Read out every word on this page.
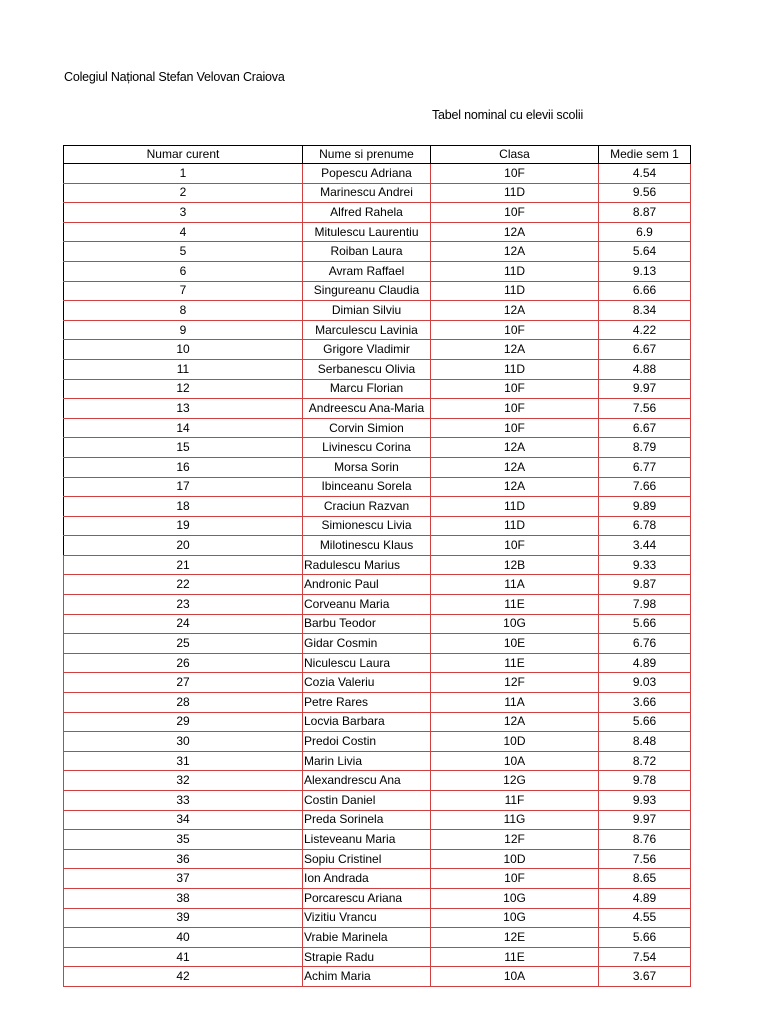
Colegiul Național Stefan Velovan Craiova
Tabel nominal cu elevii scolii
Numar curent	Nume si prenume	Clasa	Medie sem 1
1	Popescu Adriana	10F	4.54
2	Marinescu Andrei	11D	9.56
3	Alfred Rahela	10F	8.87
4	Mitulescu Laurentiu	12A	6.9
5	Roiban Laura	12A	5.64
6	Avram Raffael	11D	9.13
7	Singureanu Claudia	11D	6.66
8	Dimian Silviu	12A	8.34
9	Marculescu Lavinia	10F	4.22
10	Grigore Vladimir	12A	6.67
11	Serbanescu Olivia	11D	4.88
12	Marcu Florian	10F	9.97
13	Andreescu Ana-Maria	10F	7.56
14	Corvin Simion	10F	6.67
15	Livinescu Corina	12A	8.79
16	Morsa Sorin	12A	6.77
17	Ibinceanu Sorela	12A	7.66
18	Craciun Razvan	11D	9.89
19	Simionescu Livia	11D	6.78
20	Milotinescu Klaus	10F	3.44
21	Radulescu Marius	12B	9.33
22	Andronic Paul	11A	9.87
23	Corveanu Maria	11E	7.98
24	Barbu Teodor	10G	5.66
25	Gidar Cosmin	10E	6.76
26	Niculescu Laura	11E	4.89
27	Cozia Valeriu	12F	9.03
28	Petre Rares	11A	3.66
29	Locvia Barbara	12A	5.66
30	Predoi Costin	10D	8.48
31	Marin Livia	10A	8.72
32	Alexandrescu Ana	12G	9.78
33	Costin Daniel	11F	9.93
34	Preda Sorinela	11G	9.97
35	Listeveanu Maria	12F	8.76
36	Sopiu Cristinel	10D	7.56
37	Ion Andrada	10F	8.65
38	Porcarescu Ariana	10G	4.89
39	Vizitiu Vrancu	10G	4.55
40	Vrabie Marinela	12E	5.66
41	Strapie Radu	11E	7.54
42	Achim Maria	10A	3.67
